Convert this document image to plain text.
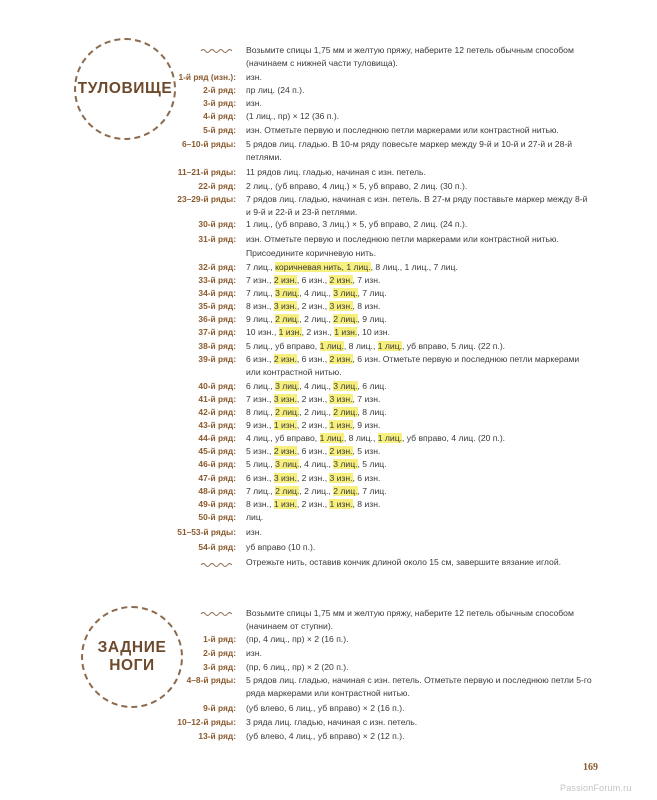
ТУЛОВИЩЕ
Возьмите спицы 1,75 мм и желтую пряжу, наберите 12 петель обычным способом (начинаем с нижней части туловища).
1-й ряд (изн.): изн.
2-й ряд: пр лиц. (24 п.).
3-й ряд: изн.
4-й ряд: (1 лиц., пр) × 12 (36 п.).
5-й ряд: изн. Отметьте первую и последнюю петли маркерами или контрастной нитью.
6–10-й ряды: 5 рядов лиц. гладью. В 10-м ряду повесьте маркер между 9-й и 10-й и 27-й и 28-й петлями.
11–21-й ряды: 11 рядов лиц. гладью, начиная с изн. петель.
22-й ряд: 2 лиц., (уб вправо, 4 лиц.) × 5, уб вправо, 2 лиц. (30 п.).
23–29-й ряды: 7 рядов лиц. гладью, начиная с изн. петель. В 27-м ряду поставьте маркер между 8-й и 9-й и 22-й и 23-й петлями.
30-й ряд: 1 лиц., (уб вправо, 3 лиц.) × 5, уб вправо, 2 лиц. (24 п.).
31-й ряд: изн. Отметьте первую и последнюю петли маркерами или контрастной нитью.
Присоедините коричневую нить.
32-й ряд: 7 лиц., коричневая нить, 1 лиц., 8 лиц., 1 лиц., 7 лиц.
33-й ряд: 7 изн., 2 изн., 6 изн., 2 изн., 7 изн.
34-й ряд: 7 лиц., 3 лиц., 4 лиц., 3 лиц., 7 лиц.
35-й ряд: 8 изн., 3 изн., 2 изн., 3 изн., 8 изн.
36-й ряд: 9 лиц., 2 лиц., 2 лиц., 2 лиц., 9 лиц.
37-й ряд: 10 изн., 1 изн., 2 изн., 1 изн., 10 изн.
38-й ряд: 5 лиц., уб вправо, 1 лиц., 8 лиц., 1 лиц., уб вправо, 5 лиц. (22 п.).
39-й ряд: 6 изн., 2 изн., 6 изн., 2 изн., 6 изн. Отметьте первую и последнюю петли маркерами или контрастной нитью.
40-й ряд: 6 лиц., 3 лиц., 4 лиц., 3 лиц., 6 лиц.
41-й ряд: 7 изн., 3 изн., 2 изн., 3 изн., 7 изн.
42-й ряд: 8 лиц., 2 лиц., 2 лиц., 2 лиц., 8 лиц.
43-й ряд: 9 изн., 1 изн., 2 изн., 1 изн., 9 изн.
44-й ряд: 4 лиц., уб вправо, 1 лиц., 8 лиц., 1 лиц., уб вправо, 4 лиц. (20 п.).
45-й ряд: 5 изн., 2 изн., 6 изн., 2 изн., 5 изн.
46-й ряд: 5 лиц., 3 лиц., 4 лиц., 3 лиц., 5 лиц.
47-й ряд: 6 изн., 3 изн., 2 изн., 3 изн., 6 изн.
48-й ряд: 7 лиц., 2 лиц., 2 лиц., 2 лиц., 7 лиц.
49-й ряд: 8 изн., 1 изн., 2 изн., 1 изн., 8 изн.
50-й ряд: лиц.
51–53-й ряды: изн.
54-й ряд: уб вправо (10 п.).
Отрежьте нить, оставив кончик длиной около 15 см, завершите вязание иглой.
ЗАДНИЕ
НОГИ
Возьмите спицы 1,75 мм и желтую пряжу, наберите 12 петель обычным способом (начинаем от ступни).
1-й ряд: (пр, 4 лиц., пр) × 2 (16 п.).
2-й ряд: изн.
3-й ряд: (пр, 6 лиц., пр) × 2 (20 п.).
4–8-й ряды: 5 рядов лиц. гладью, начиная с изн. петель. Отметьте первую и последнюю петли 5-го ряда маркерами или контрастной нитью.
9-й ряд: (уб влево, 6 лиц., уб вправо) × 2 (16 п.).
10–12-й ряды: 3 ряда лиц. гладью, начиная с изн. петель.
13-й ряд: (уб влево, 4 лиц., уб вправо) × 2 (12 п.).
169
PassionForum.ru
